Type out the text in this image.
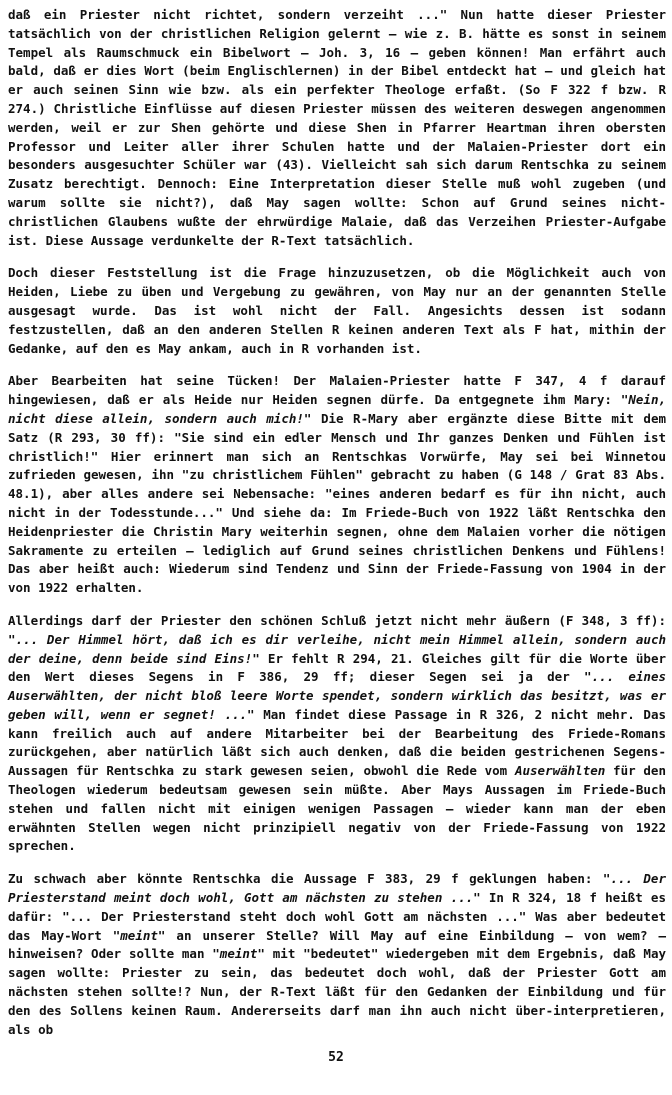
daß ein Priester nicht richtet, sondern verzeiht ..." Nun hatte dieser Priester tatsächlich von der christlichen Religion gelernt – wie z. B. hätte es sonst in seinem Tempel als Raumschmuck ein Bibelwort – Joh. 3, 16 – geben können! Man erfährt auch bald, daß er dies Wort (beim Englischlernen) in der Bibel entdeckt hat – und gleich hat er auch seinen Sinn wie bzw. als ein perfekter Theologe erfaßt. (So F 322 f bzw. R 274.) Christliche Einflüsse auf diesen Priester müssen des weiteren deswegen angenommen werden, weil er zur Shen gehörte und diese Shen in Pfarrer Heartman ihren obersten Professor und Leiter aller ihrer Schulen hatte und der Malaien-Priester dort ein besonders ausgesuchter Schüler war (43). Vielleicht sah sich darum Rentschka zu seinem Zusatz berechtigt. Dennoch: Eine Interpretation dieser Stelle muß wohl zugeben (und warum sollte sie nicht?), daß May sagen wollte: Schon auf Grund seines nicht-christlichen Glaubens wußte der ehrwürdige Malaie, daß das Verzeihen Priester-Aufgabe ist. Diese Aussage verdunkelte der R-Text tatsächlich.

Doch dieser Feststellung ist die Frage hinzuzusetzen, ob die Möglichkeit auch von Heiden, Liebe zu üben und Vergebung zu gewähren, von May nur an der genannten Stelle ausgesagt wurde. Das ist wohl nicht der Fall. Angesichts dessen ist sodann festzustellen, daß an den anderen Stellen R keinen anderen Text als F hat, mithin der Gedanke, auf den es May ankam, auch in R vorhanden ist.

Aber Bearbeiten hat seine Tücken! Der Malaien-Priester hatte F 347, 4 f darauf hingewiesen, daß er als Heide nur Heiden segnen dürfe. Da entgegnete ihm Mary: "Nein, nicht diese allein, sondern auch mich!" Die R-Mary aber ergänzte diese Bitte mit dem Satz (R 293, 30 ff): "Sie sind ein edler Mensch und Ihr ganzes Denken und Fühlen ist christlich!" Hier erinnert man sich an Rentschkas Vorwürfe, May sei bei Winnetou zufrieden gewesen, ihn "zu christlichem Fühlen" gebracht zu haben (G 148 / Grat 83 Abs. 48.1), aber alles andere sei Nebensache: "eines anderen bedarf es für ihn nicht, auch nicht in der Todesstunde..." Und siehe da: Im Friede-Buch von 1922 läßt Rentschka den Heidenpriester die Christin Mary weiterhin segnen, ohne dem Malaien vorher die nötigen Sakramente zu erteilen – lediglich auf Grund seines christlichen Denkens und Fühlens! Das aber heißt auch: Wiederum sind Tendenz und Sinn der Friede-Fassung von 1904 in der von 1922 erhalten.

Allerdings darf der Priester den schönen Schluß jetzt nicht mehr äußern (F 348, 3 ff): "... Der Himmel hört, daß ich es dir verleihe, nicht mein Himmel allein, sondern auch der deine, denn beide sind Eins!" Er fehlt R 294, 21. Gleiches gilt für die Worte über den Wert dieses Segens in F 386, 29 ff; dieser Segen sei ja der "... eines Auserwählten, der nicht bloß leere Worte spendet, sondern wirklich das besitzt, was er geben will, wenn er segnet! ..." Man findet diese Passage in R 326, 2 nicht mehr. Das kann freilich auch auf andere Mitarbeiter bei der Bearbeitung des Friede-Romans zurückgehen, aber natürlich läßt sich auch denken, daß die beiden gestrichenen Segens-Aussagen für Rentschka zu stark gewesen seien, obwohl die Rede vom Auserwählten für den Theologen wiederum bedeutsam gewesen sein müßte. Aber Mays Aussagen im Friede-Buch stehen und fallen nicht mit einigen wenigen Passagen – wieder kann man der eben erwähnten Stellen wegen nicht prinzipiell negativ von der Friede-Fassung von 1922 sprechen.

Zu schwach aber könnte Rentschka die Aussage F 383, 29 f geklungen haben: "... Der Priesterstand meint doch wohl, Gott am nächsten zu stehen ..." In R 324, 18 f heißt es dafür: "... Der Priesterstand steht doch wohl Gott am nächsten ..." Was aber bedeutet das May-Wort "meint" an unserer Stelle? Will May auf eine Einbildung – von wem? – hinweisen? Oder sollte man "meint" mit "bedeutet" wiedergeben mit dem Ergebnis, daß May sagen wollte: Priester zu sein, das bedeutet doch wohl, daß der Priester Gott am nächsten stehen sollte!? Nun, der R-Text läßt für den Gedanken der Einbildung und für den des Sollens keinen Raum. Andererseits darf man ihn auch nicht über-interpretieren, als ob

52
